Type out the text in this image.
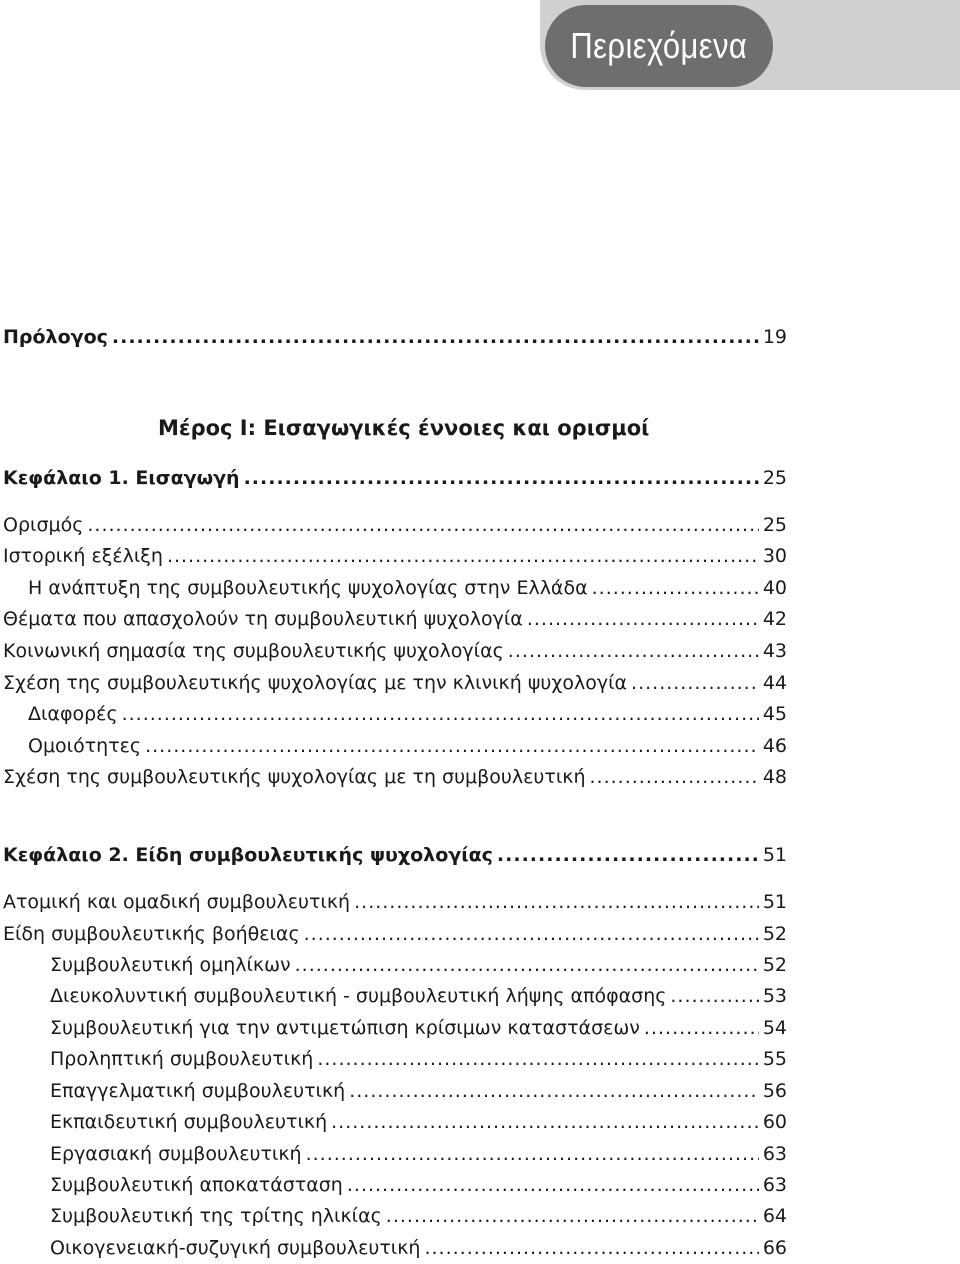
Περιεχόμενα
Πρόλογος .....	19
Μέρος Ι: Εισαγωγικές έννοιες και ορισμοί
Κεφάλαιο 1. Εισαγωγή .....	25
Ορισμός .....	25
Ιστορική εξέλιξη .....	30
Η ανάπτυξη της συμβουλευτικής ψυχολογίας στην Ελλάδα .....	40
Θέματα που απασχολούν τη συμβουλευτική ψυχολογία .....	42
Κοινωνική σημασία της συμβουλευτικής ψυχολογίας .....	43
Σχέση της συμβουλευτικής ψυχολογίας με την κλινική ψυχολογία .....	44
Διαφορές .....	45
Ομοιότητες .....	46
Σχέση της συμβουλευτικής ψυχολογίας με τη συμβουλευτική .....	48
Κεφάλαιο 2. Είδη συμβουλευτικής ψυχολογίας .....	51
Ατομική και ομαδική συμβουλευτική .....	51
Είδη συμβουλευτικής βοήθειας .....	52
Συμβουλευτική ομηλίκων .....	52
Διευκολυντική συμβουλευτική - συμβουλευτική λήψης απόφασης .....	53
Συμβουλευτική για την αντιμετώπιση κρίσιμων καταστάσεων .....	54
Προληπτική συμβουλευτική .....	55
Επαγγελματική συμβουλευτική .....	56
Εκπαιδευτική συμβουλευτική .....	60
Εργασιακή συμβουλευτική .....	63
Συμβουλευτική αποκατάσταση .....	63
Συμβουλευτική της τρίτης ηλικίας .....	64
Οικογενειακή-συζυγική συμβουλευτική .....	66
